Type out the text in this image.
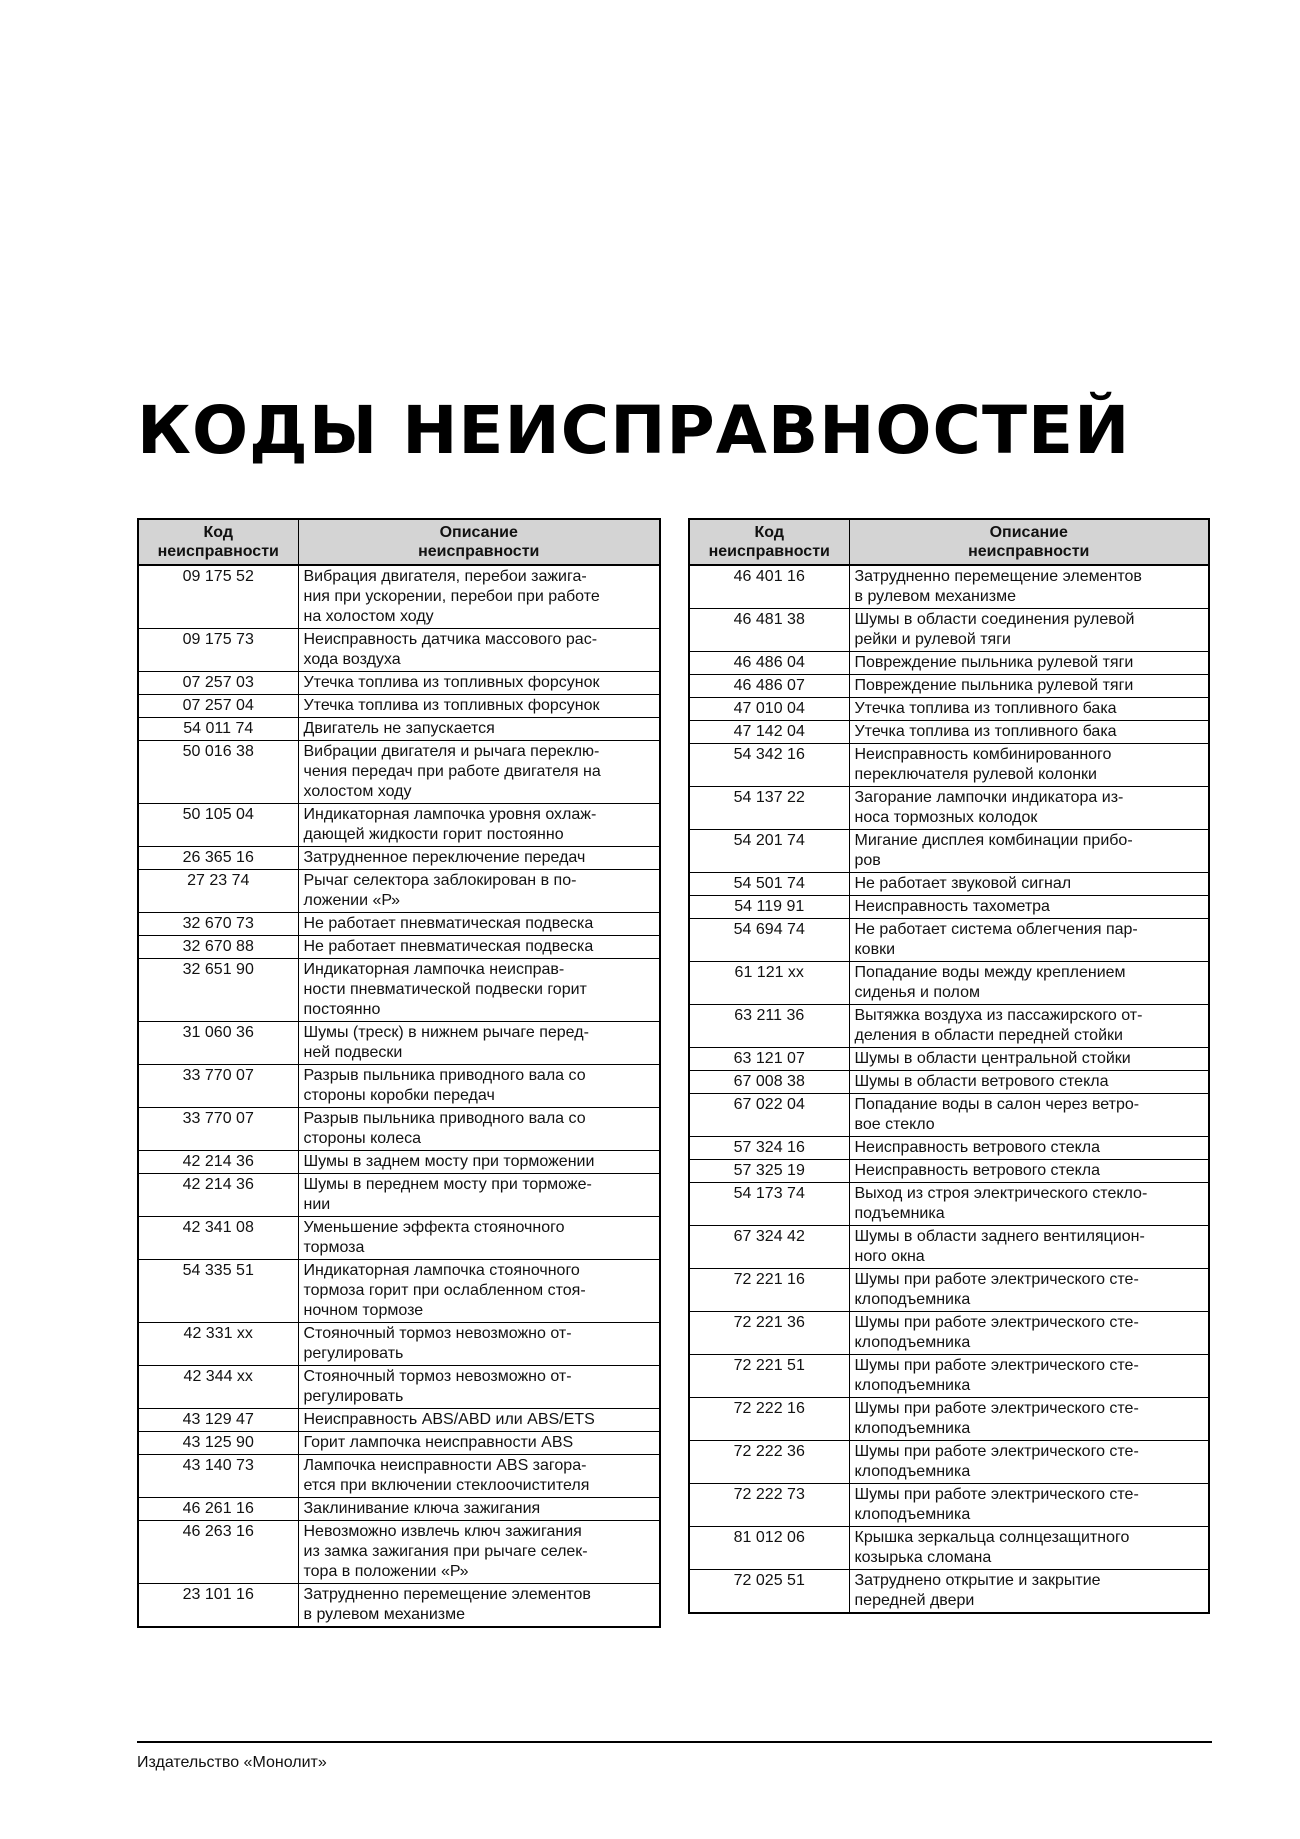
КОДЫ НЕИСПРАВНОСТЕЙ
Код
неисправности	Описание
неисправности
09 175 52	Вибрация двигателя, перебои зажига-
ния при ускорении, перебои при работе
на холостом ходу
09 175 73	Неисправность датчика массового рас-
хода воздуха
07 257 03	Утечка топлива из топливных форсунок
07 257 04	Утечка топлива из топливных форсунок
54 011 74	Двигатель не запускается
50 016 38	Вибрации двигателя и рычага переклю-
чения передач при работе двигателя на
холостом ходу
50 105 04	Индикаторная лампочка уровня охлаж-
дающей жидкости горит постоянно
26 365 16	Затрудненное переключение передач
27 23 74	Рычаг селектора заблокирован в по-
ложении «Р»
32 670 73	Не работает пневматическая подвеска
32 670 88	Не работает пневматическая подвеска
32 651 90	Индикаторная лампочка неисправ-
ности пневматической подвески горит
постоянно
31 060 36	Шумы (треск) в нижнем рычаге перед-
ней подвески
33 770 07	Разрыв пыльника приводного вала со
стороны коробки передач
33 770 07	Разрыв пыльника приводного вала со
стороны колеса
42 214 36	Шумы в заднем мосту при торможении
42 214 36	Шумы в переднем мосту при торможе-
нии
42 341 08	Уменьшение эффекта стояночного
тормоза
54 335 51	Индикаторная лампочка стояночного
тормоза горит при ослабленном стоя-
ночном тормозе
42 331 xx	Стояночный тормоз невозможно от-
регулировать
42 344 xx	Стояночный тормоз невозможно от-
регулировать
43 129 47	Неисправность ABS/ABD или ABS/ETS
43 125 90	Горит лампочка неисправности ABS
43 140 73	Лампочка неисправности ABS загора-
ется при включении стеклоочистителя
46 261 16	Заклинивание ключа зажигания
46 263 16	Невозможно извлечь ключ зажигания
из замка зажигания при рычаге селек-
тора в положении «Р»
23 101 16	Затрудненно перемещение элементов
в рулевом механизме
Код
неисправности	Описание
неисправности
46 401 16	Затрудненно перемещение элементов
в рулевом механизме
46 481 38	Шумы в области соединения рулевой
рейки и рулевой тяги
46 486 04	Повреждение пыльника рулевой тяги
46 486 07	Повреждение пыльника рулевой тяги
47 010 04	Утечка топлива из топливного бака
47 142 04	Утечка топлива из топливного бака
54 342 16	Неисправность комбинированного
переключателя рулевой колонки
54 137 22	Загорание лампочки индикатора из-
носа тормозных колодок
54 201 74	Мигание дисплея комбинации прибо-
ров
54 501 74	Не работает звуковой сигнал
54 119 91	Неисправность тахометра
54 694 74	Не работает система облегчения пар-
ковки
61 121 xx	Попадание воды между креплением
сиденья и полом
63 211 36	Вытяжка воздуха из пассажирского от-
деления в области передней стойки
63 121 07	Шумы в области центральной стойки
67 008 38	Шумы в области ветрового стекла
67 022 04	Попадание воды в салон через ветро-
вое стекло
57 324 16	Неисправность ветрового стекла
57 325 19	Неисправность ветрового стекла
54 173 74	Выход из строя электрического стекло-
подъемника
67 324 42	Шумы в области заднего вентиляцион-
ного окна
72 221 16	Шумы при работе электрического сте-
клоподъемника
72 221 36	Шумы при работе электрического сте-
клоподъемника
72 221 51	Шумы при работе электрического сте-
клоподъемника
72 222 16	Шумы при работе электрического сте-
клоподъемника
72 222 36	Шумы при работе электрического сте-
клоподъемника
72 222 73	Шумы при работе электрического сте-
клоподъемника
81 012 06	Крышка зеркальца солнцезащитного
козырька сломана
72 025 51	Затруднено открытие и закрытие
передней двери
Издательство «Монолит»
